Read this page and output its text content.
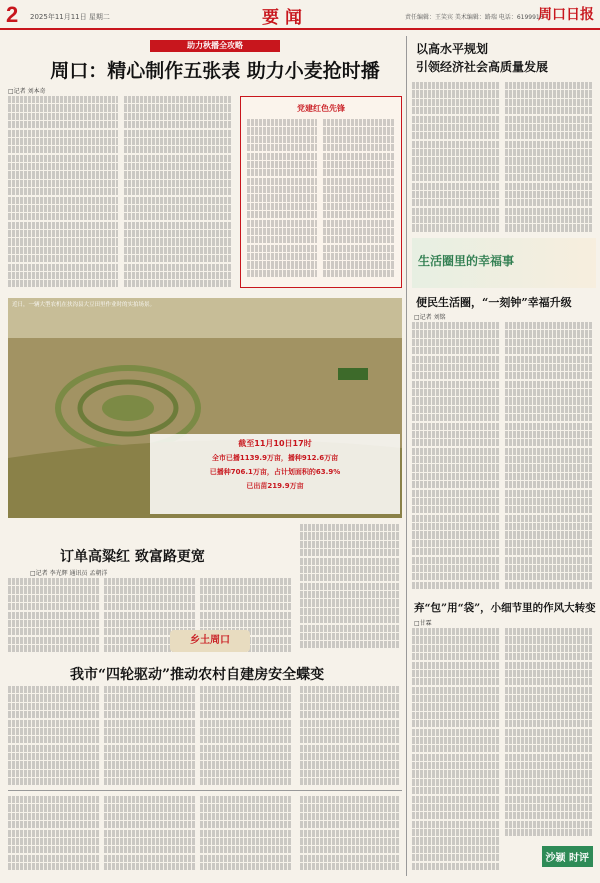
2 2025年11月11日 星期二	要闻	责任编辑：王笑宾 美术编辑：路瑞 电话：6199916
周口日报
助力秋播全攻略
周口：精心制作五张表 助力小麦抢时播
□记者 刘本奇
党建红色先锋
近日，一辆大型农机在扶沟县大豆田里作业时的实拍场景。
截至11月10日17时
全市已播1139.9万亩，播种912.6万亩
已播种706.1万亩，占计划面积的63.9%
已出苗219.9万亩
订单高粱红 致富路更宽
□记者 李光辉 通讯员 孟朝洋
乡土周口
我市“四轮驱动”推动农村自建房安全蝶变
以高水平规划
引领经济社会高质量发展
生活圈里的幸福事
便民生活圈，“一刻钟”幸福升级
□记者 刘铭
弃“包”用“袋”，小细节里的作风大转变
□甘霖
沙颍 时评
